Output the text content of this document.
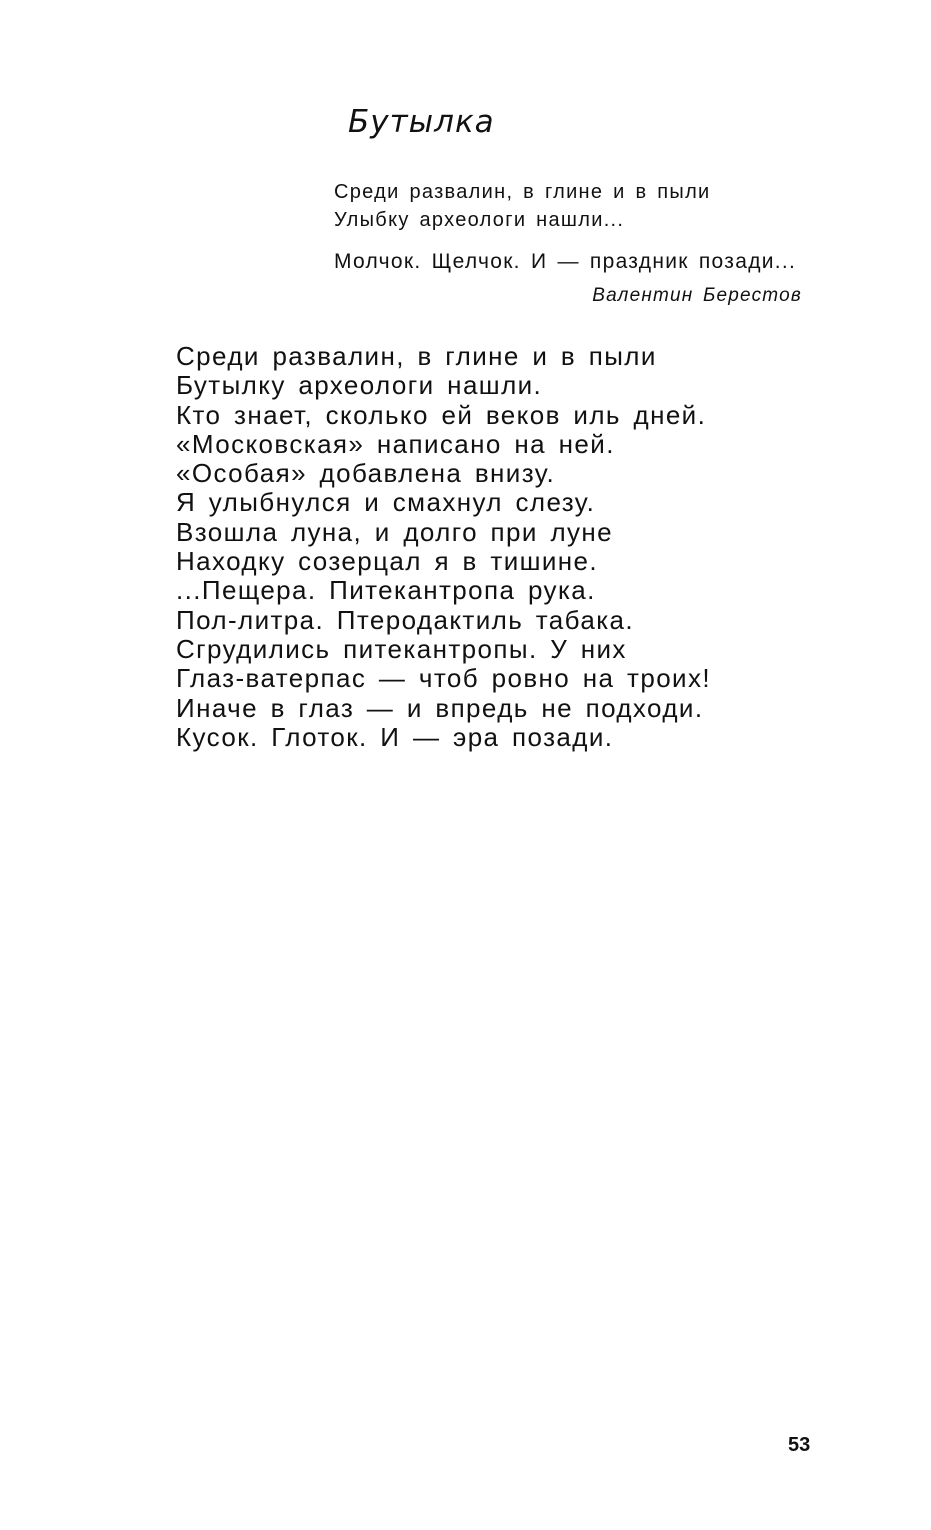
Бутылка
Среди развалин, в глине и в пыли
Улыбку археологи нашли...
Молчок. Щелчок. И — праздник позади...
Валентин Берестов
Среди развалин, в глине и в пыли
Бутылку археологи нашли.
Кто знает, сколько ей веков иль дней.
«Московская» написано на ней.
«Особая» добавлена внизу.
Я улыбнулся и смахнул слезу.
Взошла луна, и долго при луне
Находку созерцал я в тишине.
...Пещера. Питекантропа рука.
Пол-литра. Птеродактиль табака.
Сгрудились питекантропы. У них
Глаз-ватерпас — чтоб ровно на троих!
Иначе в глаз — и впредь не подходи.
Кусок. Глоток. И — эра позади.
53
